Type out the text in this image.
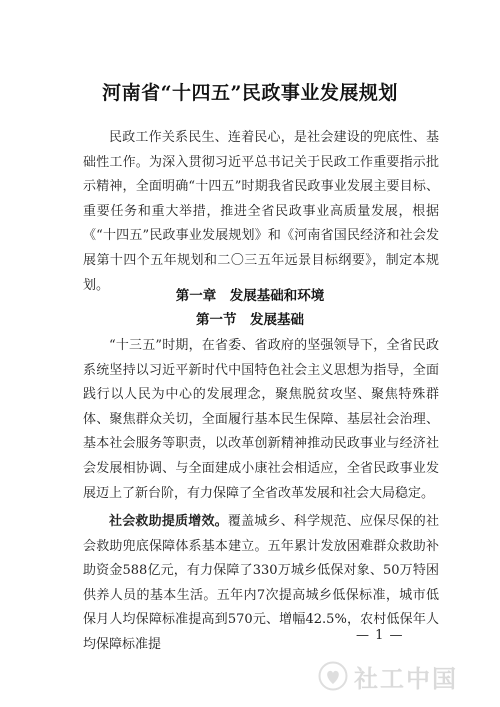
河南省“十四五”民政事业发展规划

民政工作关系民生、连着民心，是社会建设的兜底性、基础性工作。为深入贯彻习近平总书记关于民政工作重要指示批示精神，全面明确“十四五”时期我省民政事业发展主要目标、重要任务和重大举措，推进全省民政事业高质量发展，根据《“十四五”民政事业发展规划》和《河南省国民经济和社会发展第十四个五年规划和二〇三五年远景目标纲要》，制定本规划。

第一章　发展基础和环境
第一节　发展基础

“十三五”时期，在省委、省政府的坚强领导下，全省民政系统坚持以习近平新时代中国特色社会主义思想为指导，全面践行以人民为中心的发展理念，聚焦脱贫攻坚、聚焦特殊群体、聚焦群众关切，全面履行基本民生保障、基层社会治理、基本社会服务等职责，以改革创新精神推动民政事业与经济社会发展相协调、与全面建成小康社会相适应，全省民政事业发展迈上了新台阶，有力保障了全省改革发展和社会大局稳定。

社会救助提质增效。覆盖城乡、科学规范、应保尽保的社会救助兜底保障体系基本建立。五年累计发放困难群众救助补助资金588亿元，有力保障了330万城乡低保对象、50万特困供养人员的基本生活。五年内7次提高城乡低保标准，城市低保月人均保障标准提高到570元、增幅42.5%，农村低保年人均保障标准提

— 1 —
社工中国
